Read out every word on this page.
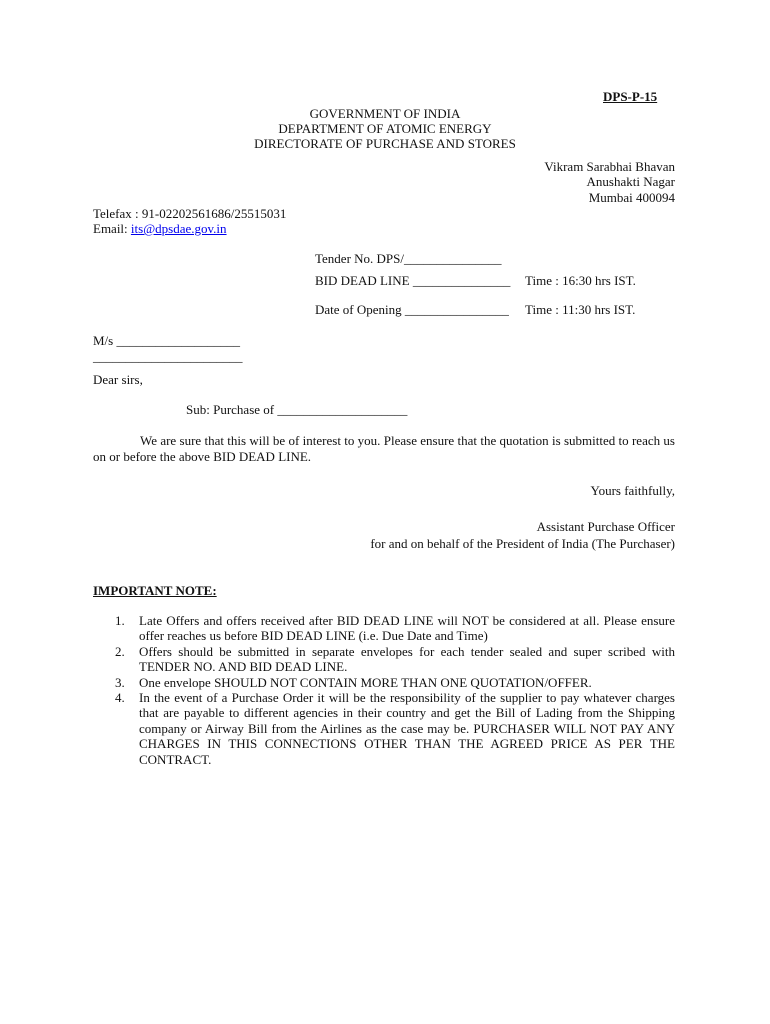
DPS-P-15
GOVERNMENT OF INDIA
DEPARTMENT OF ATOMIC ENERGY
DIRECTORATE OF PURCHASE AND STORES
Vikram Sarabhai Bhavan
Anushakti Nagar
Mumbai 400094
Telefax : 91-02202561686/25515031
Email: its@dpsdae.gov.in
Tender No. DPS/_______________
BID DEAD LINE _______________ Time : 16:30 hrs IST.
Date of Opening ________________ Time : 11:30 hrs IST.
M/s ___________________
_______________________
Dear sirs,
Sub: Purchase of ____________________
We are sure that this will be of interest to you. Please ensure that the quotation is submitted to reach us on or before the above BID DEAD LINE.
Yours faithfully,
Assistant Purchase Officer
for and on behalf of the President of India (The Purchaser)
IMPORTANT NOTE:
1. Late Offers and offers received after BID DEAD LINE will NOT be considered at all. Please ensure offer reaches us before BID DEAD LINE (i.e. Due Date and Time)
2. Offers should be submitted in separate envelopes for each tender sealed and super scribed with TENDER NO. AND BID DEAD LINE.
3. One envelope SHOULD NOT CONTAIN MORE THAN ONE QUOTATION/OFFER.
4. In the event of a Purchase Order it will be the responsibility of the supplier to pay whatever charges that are payable to different agencies in their country and get the Bill of Lading from the Shipping company or Airway Bill from the Airlines as the case may be. PURCHASER WILL NOT PAY ANY CHARGES IN THIS CONNECTIONS OTHER THAN THE AGREED PRICE AS PER THE CONTRACT.
